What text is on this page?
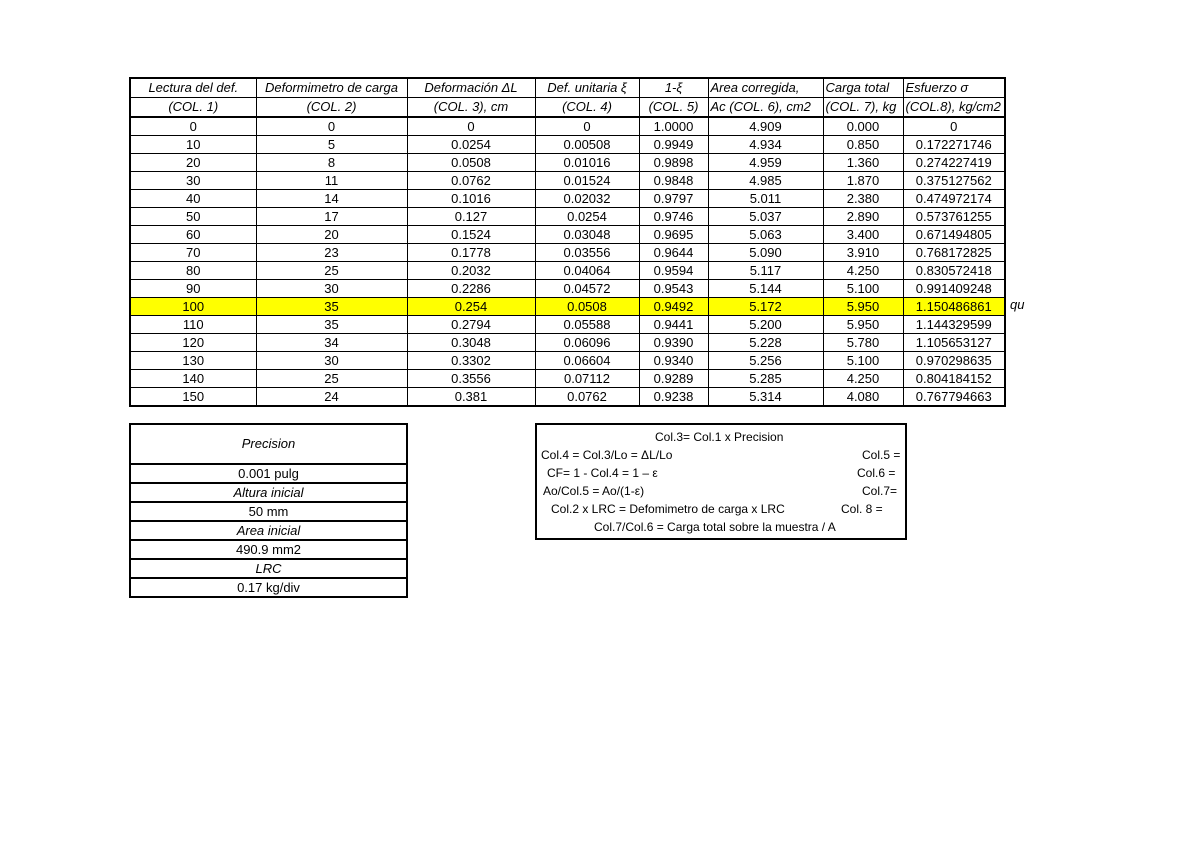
Lectura del def.	Deformimetro de carga	Deformación ΔL	Def. unitaria ξ	1-ξ	Area corregida,	Carga total	Esfuerzo σ
(COL. 1)	(COL. 2)	(COL. 3), cm	(COL. 4)	(COL. 5)	Ac (COL. 6), cm2	(COL. 7), kg	(COL.8), kg/cm2
0	0	0	0	1.0000	4.909	0.000	0
10	5	0.0254	0.00508	0.9949	4.934	0.850	0.172271746
20	8	0.0508	0.01016	0.9898	4.959	1.360	0.274227419
30	11	0.0762	0.01524	0.9848	4.985	1.870	0.375127562
40	14	0.1016	0.02032	0.9797	5.011	2.380	0.474972174
50	17	0.127	0.0254	0.9746	5.037	2.890	0.573761255
60	20	0.1524	0.03048	0.9695	5.063	3.400	0.671494805
70	23	0.1778	0.03556	0.9644	5.090	3.910	0.768172825
80	25	0.2032	0.04064	0.9594	5.117	4.250	0.830572418
90	30	0.2286	0.04572	0.9543	5.144	5.100	0.991409248
100	35	0.254	0.0508	0.9492	5.172	5.950	1.150486861
110	35	0.2794	0.05588	0.9441	5.200	5.950	1.144329599
120	34	0.3048	0.06096	0.9390	5.228	5.780	1.105653127
130	30	0.3302	0.06604	0.9340	5.256	5.100	0.970298635
140	25	0.3556	0.07112	0.9289	5.285	4.250	0.804184152
150	24	0.381	0.0762	0.9238	5.314	4.080	0.767794663
qu
Precision
0.001 pulg
Altura inicial
50 mm
Area inicial
490.9 mm2
LRC
0.17 kg/div
Col.3= Col.1 x Precision
Col.4 = Col.3/Lo = ΔL/Lo	Col.5 =
CF= 1 - Col.4 = 1 – ε	Col.6 =
Ao/Col.5 = Ao/(1-ε)	Col.7=
Col.2 x LRC = Defomimetro de carga x LRC	Col. 8 =
Col.7/Col.6 = Carga total sobre la muestra / A
